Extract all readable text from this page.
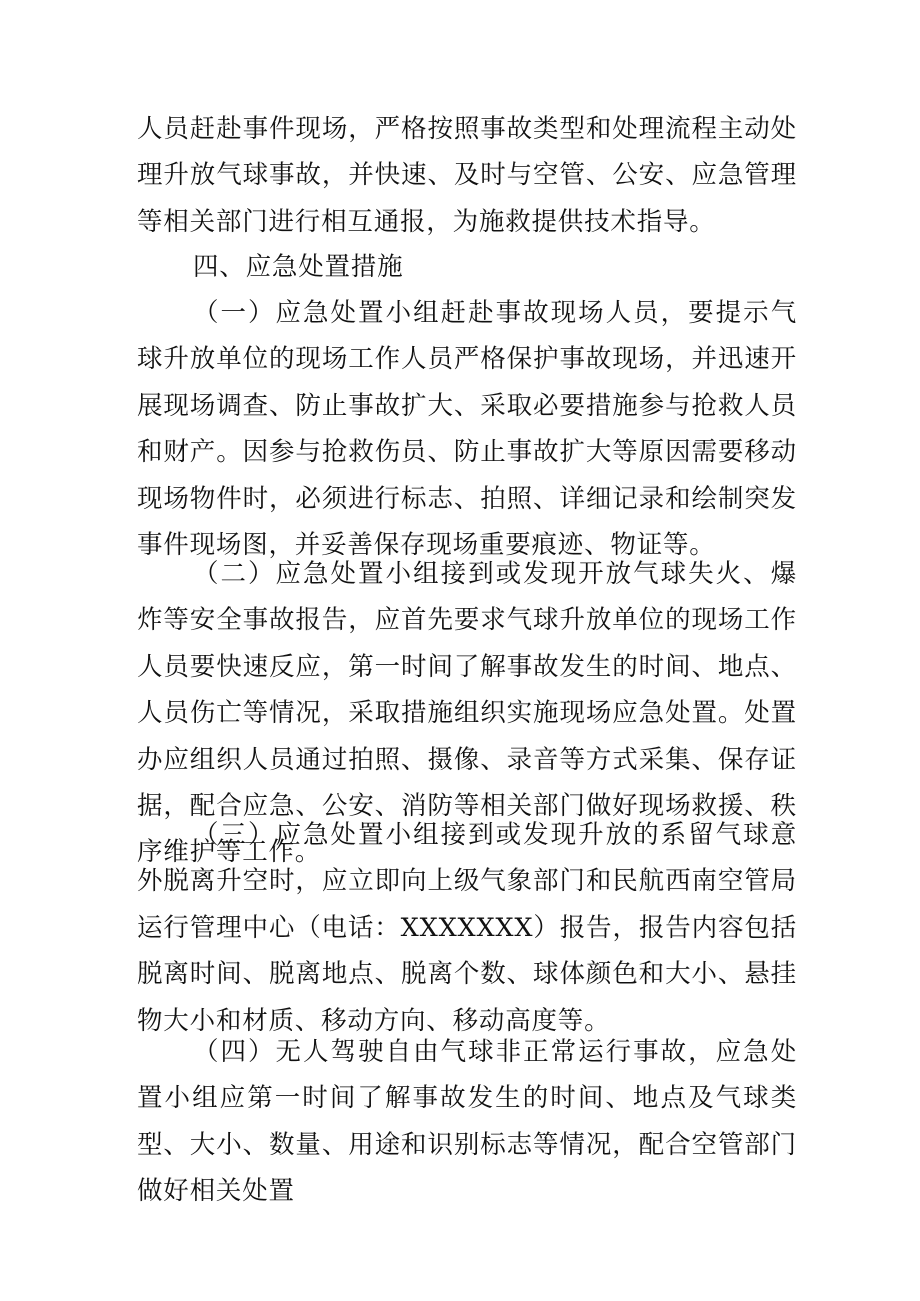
人员赶赴事件现场，严格按照事故类型和处理流程主动处理升放气球事故，并快速、及时与空管、公安、应急管理等相关部门进行相互通报，为施救提供技术指导。

四、应急处置措施

（一）应急处置小组赶赴事故现场人员，要提示气球升放单位的现场工作人员严格保护事故现场，并迅速开展现场调查、防止事故扩大、采取必要措施参与抢救人员和财产。因参与抢救伤员、防止事故扩大等原因需要移动现场物件时，必须进行标志、拍照、详细记录和绘制突发事件现场图，并妥善保存现场重要痕迹、物证等。

（二）应急处置小组接到或发现开放气球失火、爆炸等安全事故报告，应首先要求气球升放单位的现场工作人员要快速反应，第一时间了解事故发生的时间、地点、人员伤亡等情况，采取措施组织实施现场应急处置。处置办应组织人员通过拍照、摄像、录音等方式采集、保存证据，配合应急、公安、消防等相关部门做好现场救援、秩序维护等工作。

（三）应急处置小组接到或发现升放的系留气球意外脱离升空时，应立即向上级气象部门和民航西南空管局运行管理中心（电话：XXXXXXX）报告，报告内容包括脱离时间、脱离地点、脱离个数、球体颜色和大小、悬挂物大小和材质、移动方向、移动高度等。

（四）无人驾驶自由气球非正常运行事故，应急处置小组应第一时间了解事故发生的时间、地点及气球类型、大小、数量、用途和识别标志等情况，配合空管部门做好相关处置
